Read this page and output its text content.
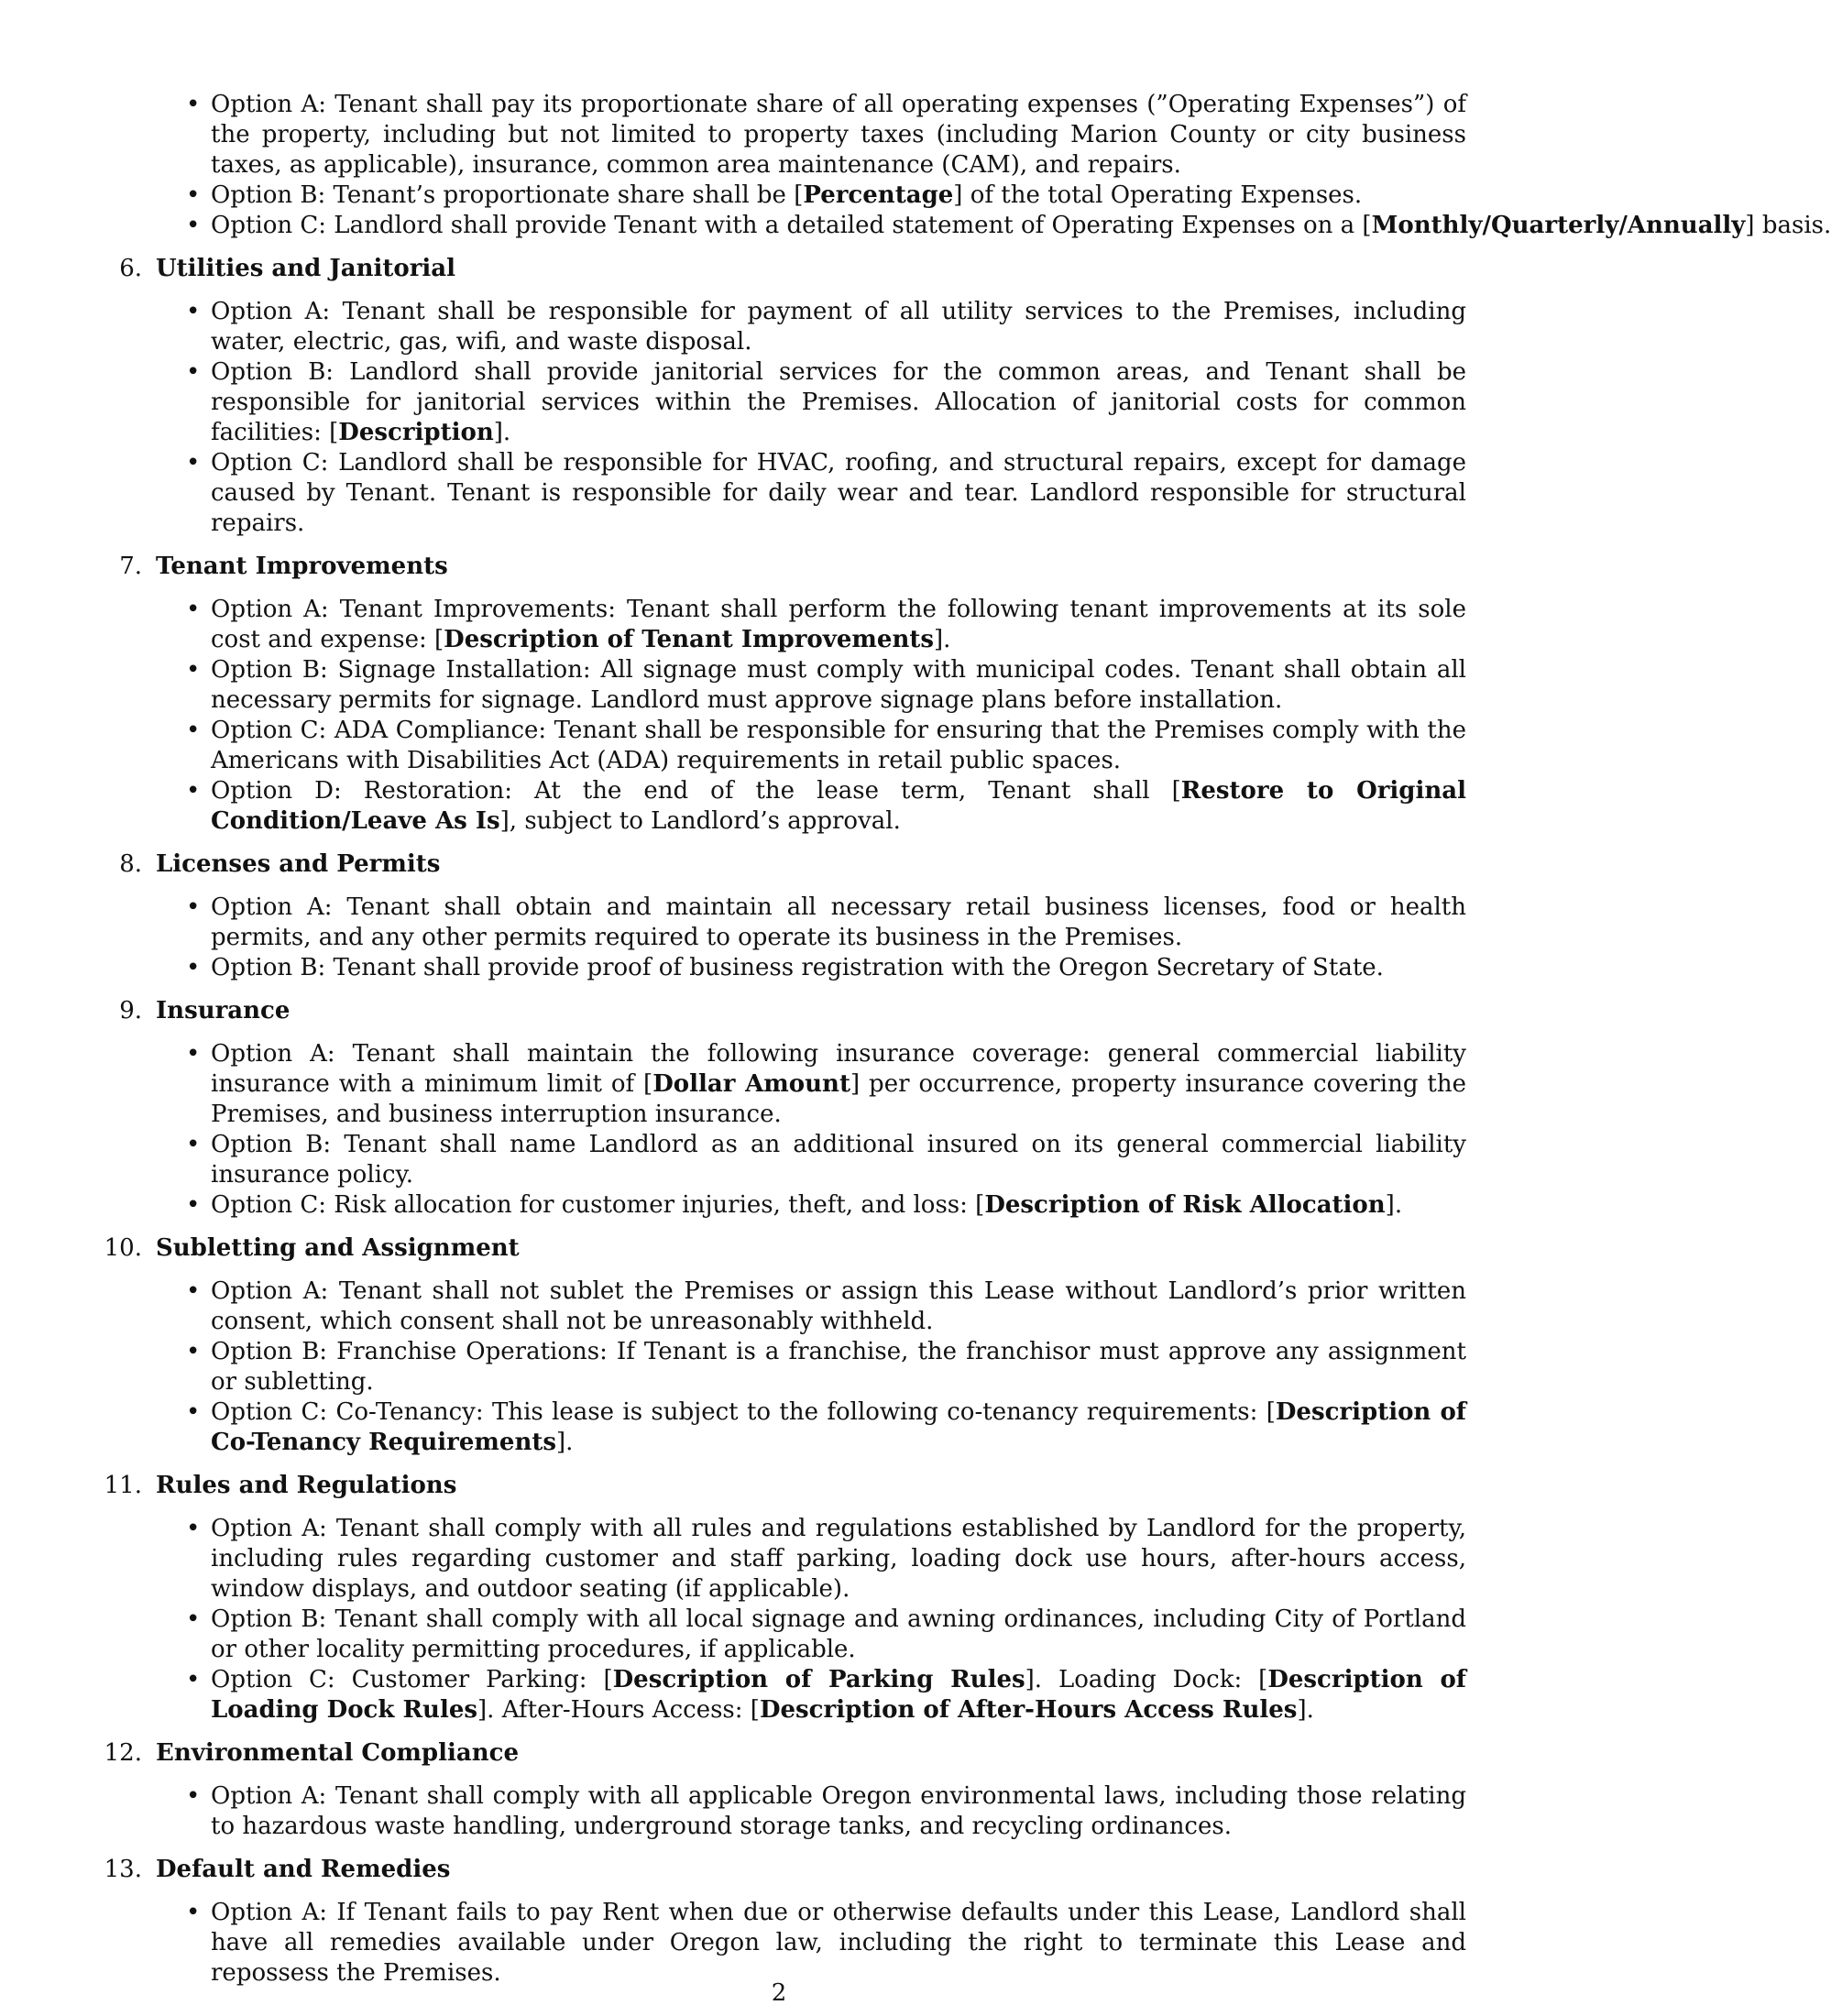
• Option A: Tenant shall pay its proportionate share of all operating expenses (”Operating Expenses”) of the property, including but not limited to property taxes (including Marion County or city business taxes, as applicable), insurance, common area maintenance (CAM), and repairs.
• Option B: Tenant’s proportionate share shall be [Percentage] of the total Operating Expenses.
• Option C: Landlord shall provide Tenant with a detailed statement of Operating Expenses on a [Monthly/Quarterly/Annually] basis.
6. Utilities and Janitorial
• Option A: Tenant shall be responsible for payment of all utility services to the Premises, including water, electric, gas, wifi, and waste disposal.
• Option B: Landlord shall provide janitorial services for the common areas, and Tenant shall be responsible for janitorial services within the Premises. Allocation of janitorial costs for common facilities: [Description].
• Option C: Landlord shall be responsible for HVAC, roofing, and structural repairs, except for damage caused by Tenant. Tenant is responsible for daily wear and tear. Landlord responsible for structural repairs.
7. Tenant Improvements
• Option A: Tenant Improvements: Tenant shall perform the following tenant improvements at its sole cost and expense: [Description of Tenant Improvements].
• Option B: Signage Installation: All signage must comply with municipal codes. Tenant shall obtain all necessary permits for signage. Landlord must approve signage plans before installation.
• Option C: ADA Compliance: Tenant shall be responsible for ensuring that the Premises comply with the Americans with Disabilities Act (ADA) requirements in retail public spaces.
• Option D: Restoration: At the end of the lease term, Tenant shall [Restore to Original Condition/Leave As Is], subject to Landlord’s approval.
8. Licenses and Permits
• Option A: Tenant shall obtain and maintain all necessary retail business licenses, food or health permits, and any other permits required to operate its business in the Premises.
• Option B: Tenant shall provide proof of business registration with the Oregon Secretary of State.
9. Insurance
• Option A: Tenant shall maintain the following insurance coverage: general commercial liability insurance with a minimum limit of [Dollar Amount] per occurrence, property insurance covering the Premises, and business interruption insurance.
• Option B: Tenant shall name Landlord as an additional insured on its general commercial liability insurance policy.
• Option C: Risk allocation for customer injuries, theft, and loss: [Description of Risk Allocation].
10. Subletting and Assignment
• Option A: Tenant shall not sublet the Premises or assign this Lease without Landlord’s prior written consent, which consent shall not be unreasonably withheld.
• Option B: Franchise Operations: If Tenant is a franchise, the franchisor must approve any assignment or subletting.
• Option C: Co-Tenancy: This lease is subject to the following co-tenancy requirements: [Description of Co-Tenancy Requirements].
11. Rules and Regulations
• Option A: Tenant shall comply with all rules and regulations established by Landlord for the property, including rules regarding customer and staff parking, loading dock use hours, after-hours access, window displays, and outdoor seating (if applicable).
• Option B: Tenant shall comply with all local signage and awning ordinances, including City of Portland or other locality permitting procedures, if applicable.
• Option C: Customer Parking: [Description of Parking Rules]. Loading Dock: [Description of Loading Dock Rules]. After-Hours Access: [Description of After-Hours Access Rules].
12. Environmental Compliance
• Option A: Tenant shall comply with all applicable Oregon environmental laws, including those relating to hazardous waste handling, underground storage tanks, and recycling ordinances.
13. Default and Remedies
• Option A: If Tenant fails to pay Rent when due or otherwise defaults under this Lease, Landlord shall have all remedies available under Oregon law, including the right to terminate this Lease and repossess the Premises.
2
